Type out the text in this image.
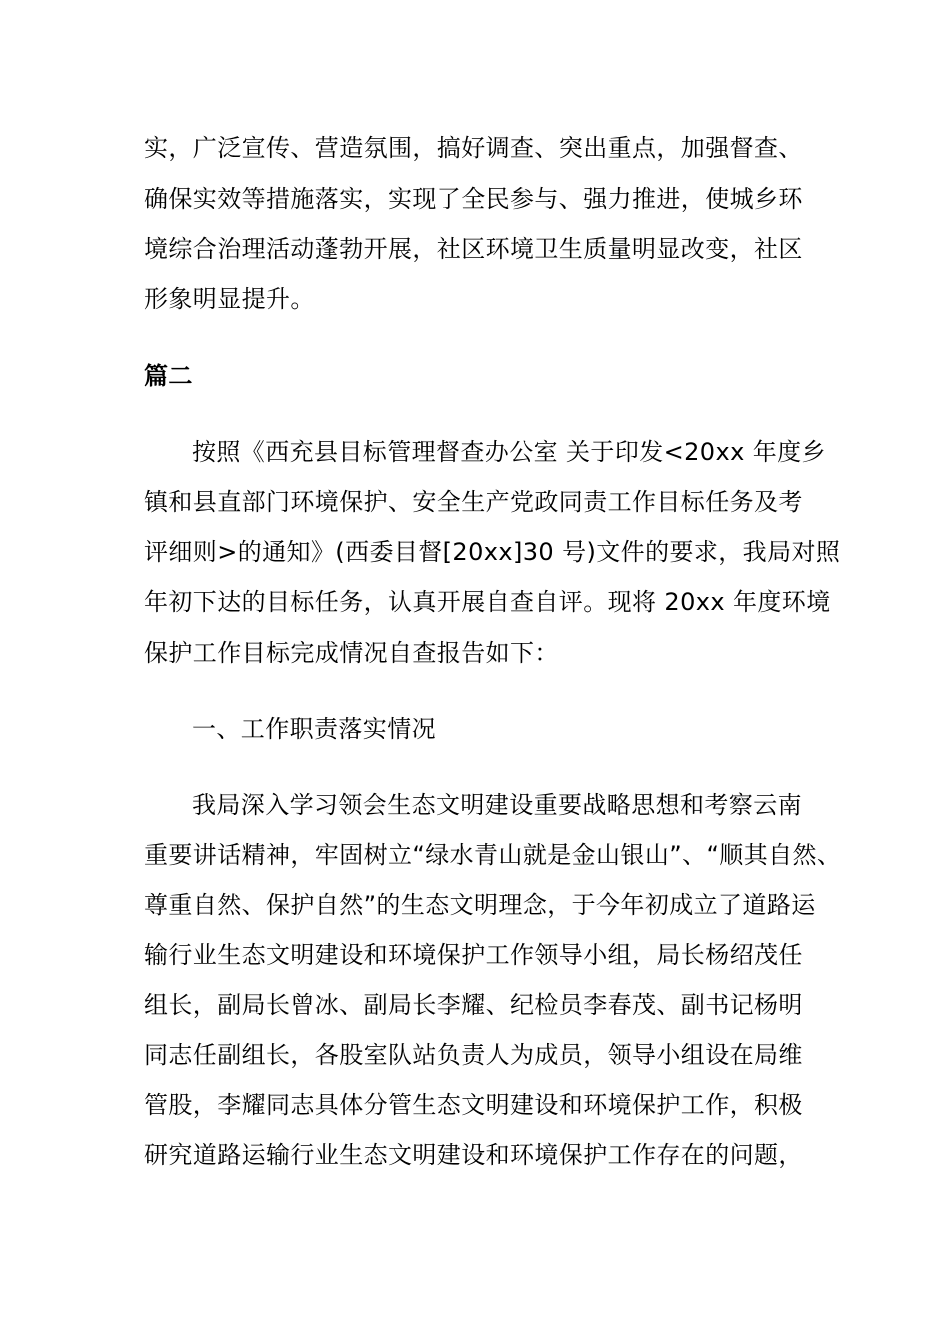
实，广泛宣传、营造氛围，搞好调查、突出重点，加强督查、
确保实效等措施落实，实现了全民参与、强力推进，使城乡环
境综合治理活动蓬勃开展，社区环境卫生质量明显改变，社区
形象明显提升。
篇二
按照《西充县目标管理督查办公室 关于印发<20xx 年度乡
镇和县直部门环境保护、安全生产党政同责工作目标任务及考
评细则>的通知》(西委目督[20xx]30 号)文件的要求，我局对照
年初下达的目标任务，认真开展自查自评。现将 20xx 年度环境
保护工作目标完成情况自查报告如下：
一、工作职责落实情况
我局深入学习领会生态文明建设重要战略思想和考察云南
重要讲话精神，牢固树立“绿水青山就是金山银山”、“顺其自然、
尊重自然、保护自然”的生态文明理念，于今年初成立了道路运
输行业生态文明建设和环境保护工作领导小组，局长杨绍茂任
组长，副局长曾冰、副局长李耀、纪检员李春茂、副书记杨明
同志任副组长，各股室队站负责人为成员，领导小组设在局维
管股，李耀同志具体分管生态文明建设和环境保护工作，积极
研究道路运输行业生态文明建设和环境保护工作存在的问题，
